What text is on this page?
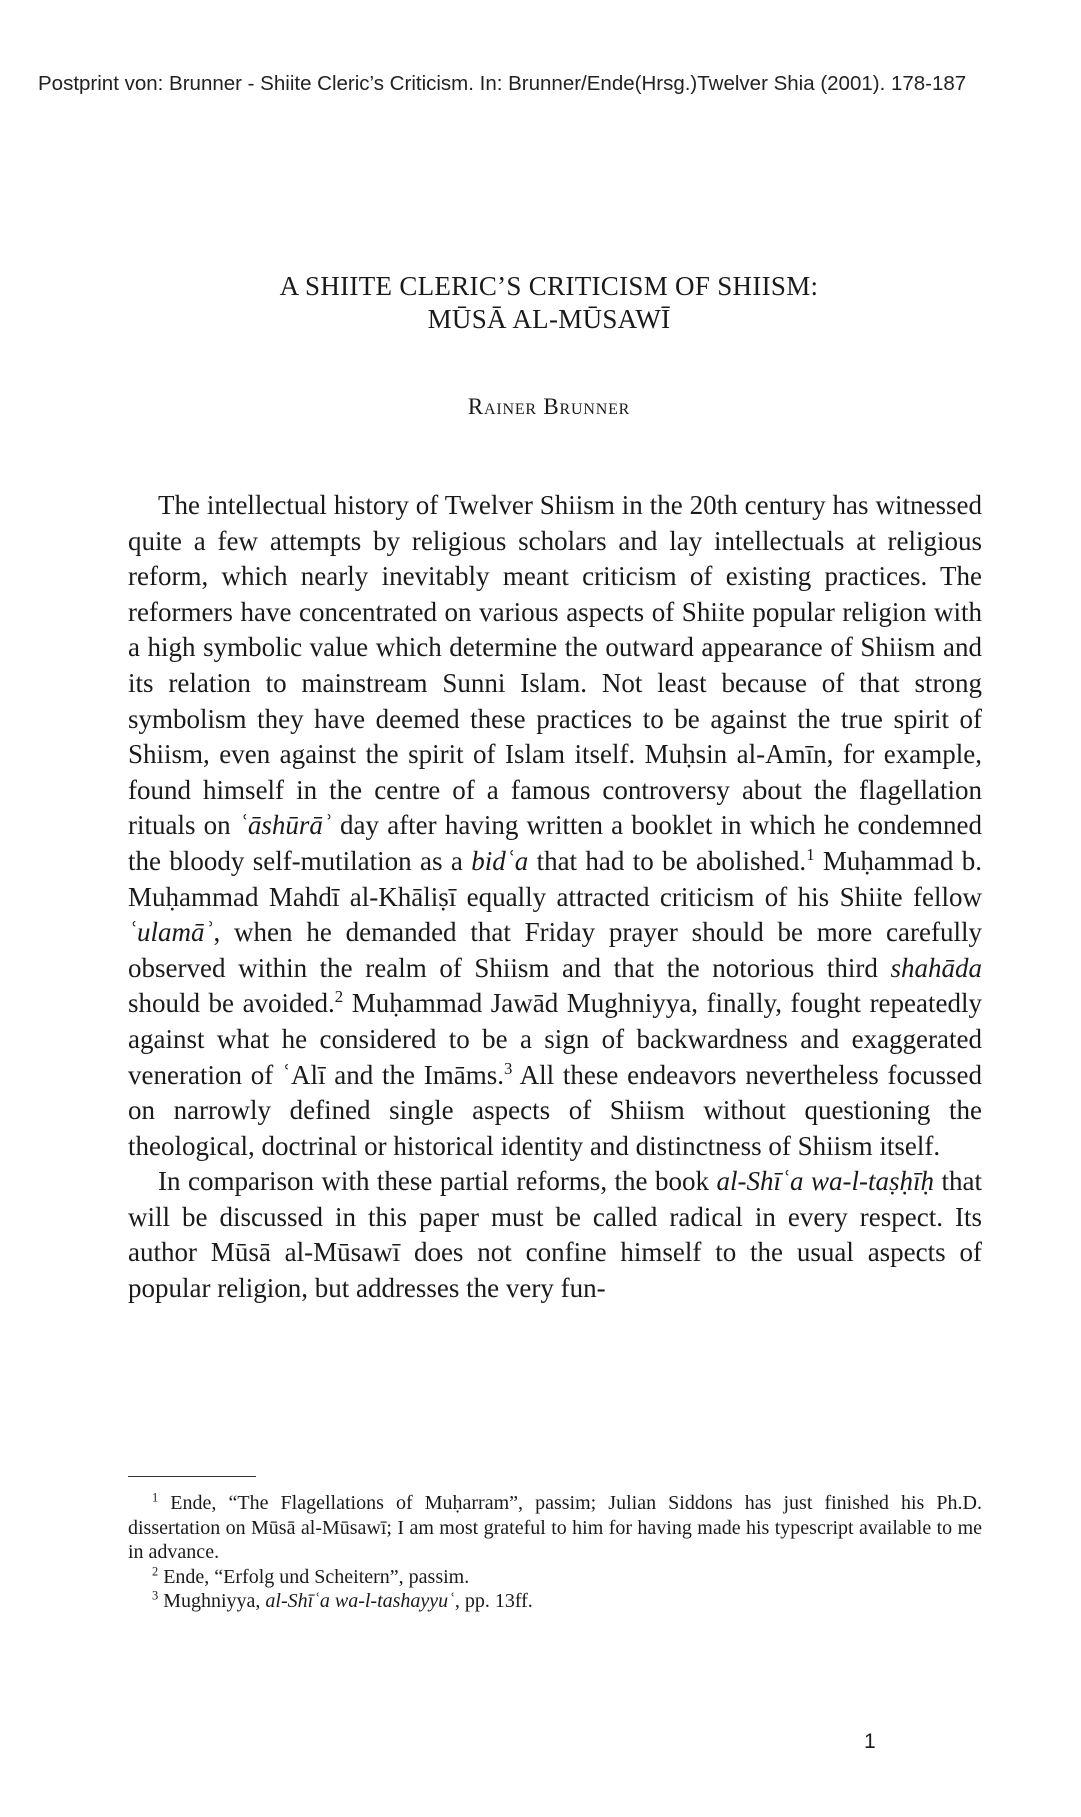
Postprint von: Brunner - Shiite Cleric’s Criticism. In: Brunner/Ende(Hrsg.)Twelver Shia (2001). 178-187
A SHIITE CLERIC’S CRITICISM OF SHIISM:
MŪSĀ AL-MŪSAWĪ
Rainer Brunner

The intellectual history of Twelver Shiism in the 20th century has witnessed quite a few attempts by religious scholars and lay intellectuals at religious reform, which nearly inevitably meant criticism of existing practices. The reformers have concentrated on various aspects of Shiite popular religion with a high symbolic value which determine the outward appearance of Shiism and its relation to mainstream Sunni Islam. Not least because of that strong symbolism they have deemed these practices to be against the true spirit of Shiism, even against the spirit of Islam itself. Muḥsin al-Amīn, for example, found himself in the centre of a famous controversy about the flagellation rituals on ʿāshūrāʾ day after having written a booklet in which he condemned the bloody self-mutilation as a bidʿa that had to be abolished.$^1$ Muḥammad b. Muḥammad Mahdī al-Khāliṣī equally attracted criticism of his Shiite fellow ʿulamāʾ, when he demanded that Friday prayer should be more carefully observed within the realm of Shiism and that the notorious third shahāda should be avoided.$^2$ Muḥammad Jawād Mughniyya, finally, fought repeatedly against what he considered to be a sign of backwardness and exaggerated veneration of ʿAlī and the Imāms.$^3$ All these endeavors nevertheless focussed on narrowly defined single aspects of Shiism without questioning the theological, doctrinal or historical identity and distinctness of Shiism itself.

In comparison with these partial reforms, the book al-Shīʿa wa-l-taṣḥīḥ that will be discussed in this paper must be called radical in every respect. Its author Mūsā al-Mūsawī does not confine himself to the usual aspects of popular religion, but addresses the very fun-

$^1$ Ende, “The Flagellations of Muḥarram”, passim; Julian Siddons has just finished his Ph.D. dissertation on Mūsā al-Mūsawī; I am most grateful to him for having made his typescript available to me in advance.

$^2$ Ende, “Erfolg und Scheitern”, passim.

$^3$ Mughniyya, al-Shīʿa wa-l-tashayyuʿ, pp. 13ff.

1
